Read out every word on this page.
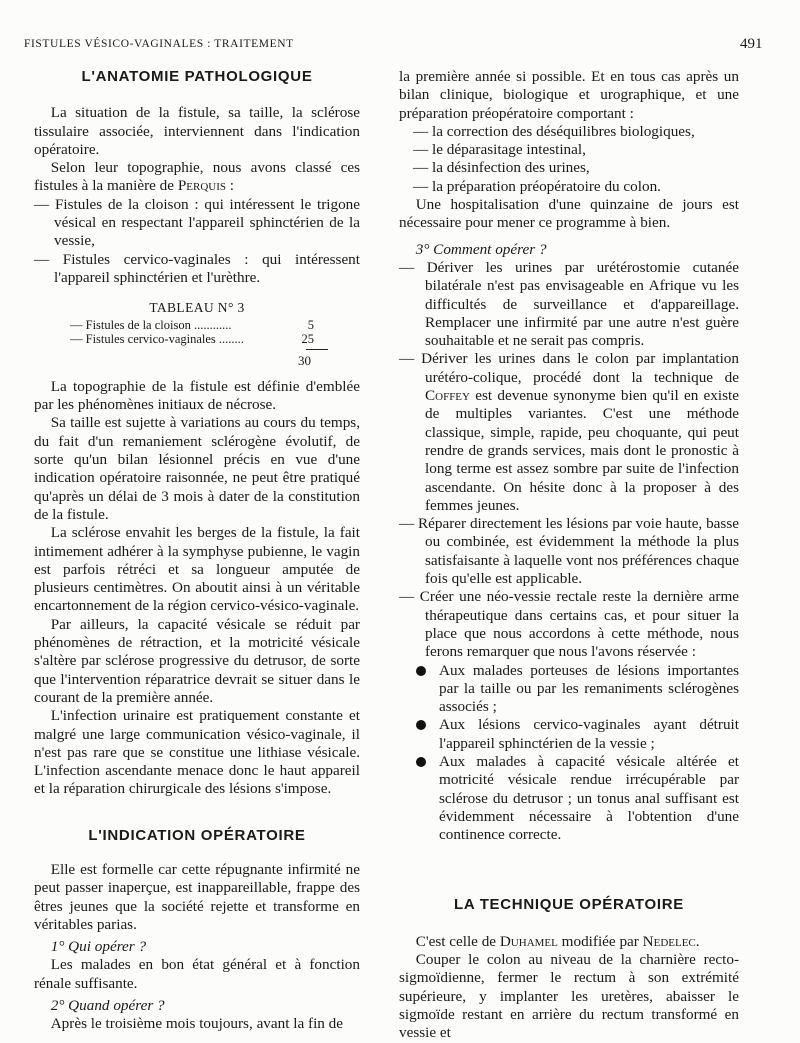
FISTULES VÉSICO-VAGINALES : TRAITEMENT	491
L'ANATOMIE PATHOLOGIQUE

La situation de la fistule, sa taille, la sclérose tissulaire associée, interviennent dans l'indication opératoire.

Selon leur topographie, nous avons classé ces fistules à la manière de Perquis :

— Fistules de la cloison : qui intéressent le trigone vésical en respectant l'appareil sphinctérien de la vessie,

— Fistules cervico-vaginales : qui intéressent l'appareil sphinctérien et l'urèthre.

TABLEAU N° 3
— Fistules de la cloison ............	5
— Fistules cervico-vaginales ........	25
30

La topographie de la fistule est définie d'emblée par les phénomènes initiaux de nécrose.

Sa taille est sujette à variations au cours du temps, du fait d'un remaniement sclérogène évolutif, de sorte qu'un bilan lésionnel précis en vue d'une indication opératoire raisonnée, ne peut être pratiqué qu'après un délai de 3 mois à dater de la constitution de la fistule.

La sclérose envahit les berges de la fistule, la fait intimement adhérer à la symphyse pubienne, le vagin est parfois rétréci et sa longueur amputée de plusieurs centimètres. On aboutit ainsi à un véritable encartonnement de la région cervico-vésico-vaginale.

Par ailleurs, la capacité vésicale se réduit par phénomènes de rétraction, et la motricité vésicale s'altère par sclérose progressive du detrusor, de sorte que l'intervention réparatrice devrait se situer dans le courant de la première année.

L'infection urinaire est pratiquement constante et malgré une large communication vésico-vaginale, il n'est pas rare que se constitue une lithiase vésicale. L'infection ascendante menace donc le haut appareil et la réparation chirurgicale des lésions s'impose.

L'INDICATION OPÉRATOIRE

Elle est formelle car cette répugnante infirmité ne peut passer inaperçue, est inappareillable, frappe des êtres jeunes que la société rejette et transforme en véritables parias.

1° Qui opérer ?

Les malades en bon état général et à fonction rénale suffisante.

2° Quand opérer ?

Après le troisième mois toujours, avant la fin de

la première année si possible. Et en tous cas après un bilan clinique, biologique et urographique, et une préparation préopératoire comportant :

— la correction des déséquilibres biologiques,

— le déparasitage intestinal,

— la désinfection des urines,

— la préparation préopératoire du colon.

Une hospitalisation d'une quinzaine de jours est nécessaire pour mener ce programme à bien.

3° Comment opérer ?

— Dériver les urines par urétérostomie cutanée bilatérale n'est pas envisageable en Afrique vu les difficultés de surveillance et d'appareillage. Remplacer une infirmité par une autre n'est guère souhaitable et ne serait pas compris.

— Dériver les urines dans le colon par implantation urétéro-colique, procédé dont la technique de Coffey est devenue synonyme bien qu'il en existe de multiples variantes. C'est une méthode classique, simple, rapide, peu choquante, qui peut rendre de grands services, mais dont le pronostic à long terme est assez sombre par suite de l'infection ascendante. On hésite donc à la proposer à des femmes jeunes.

— Réparer directement les lésions par voie haute, basse ou combinée, est évidemment la méthode la plus satisfaisante à laquelle vont nos préférences chaque fois qu'elle est applicable.

— Créer une néo-vessie rectale reste la dernière arme thérapeutique dans certains cas, et pour situer la place que nous accordons à cette méthode, nous ferons remarquer que nous l'avons réservée :

Aux malades porteuses de lésions importantes par la taille ou par les remaniments sclérogènes associés ;

Aux lésions cervico-vaginales ayant détruit l'appareil sphinctérien de la vessie ;

Aux malades à capacité vésicale altérée et motricité vésicale rendue irrécupérable par sclérose du detrusor ; un tonus anal suffisant est évidemment nécessaire à l'obtention d'une continence correcte.

LA TECHNIQUE OPÉRATOIRE

C'est celle de Duhamel modifiée par Nedelec.

Couper le colon au niveau de la charnière recto-sigmoïdienne, fermer le rectum à son extrémité supérieure, y implanter les uretères, abaisser le sigmoïde restant en arrière du rectum transformé en vessie et
